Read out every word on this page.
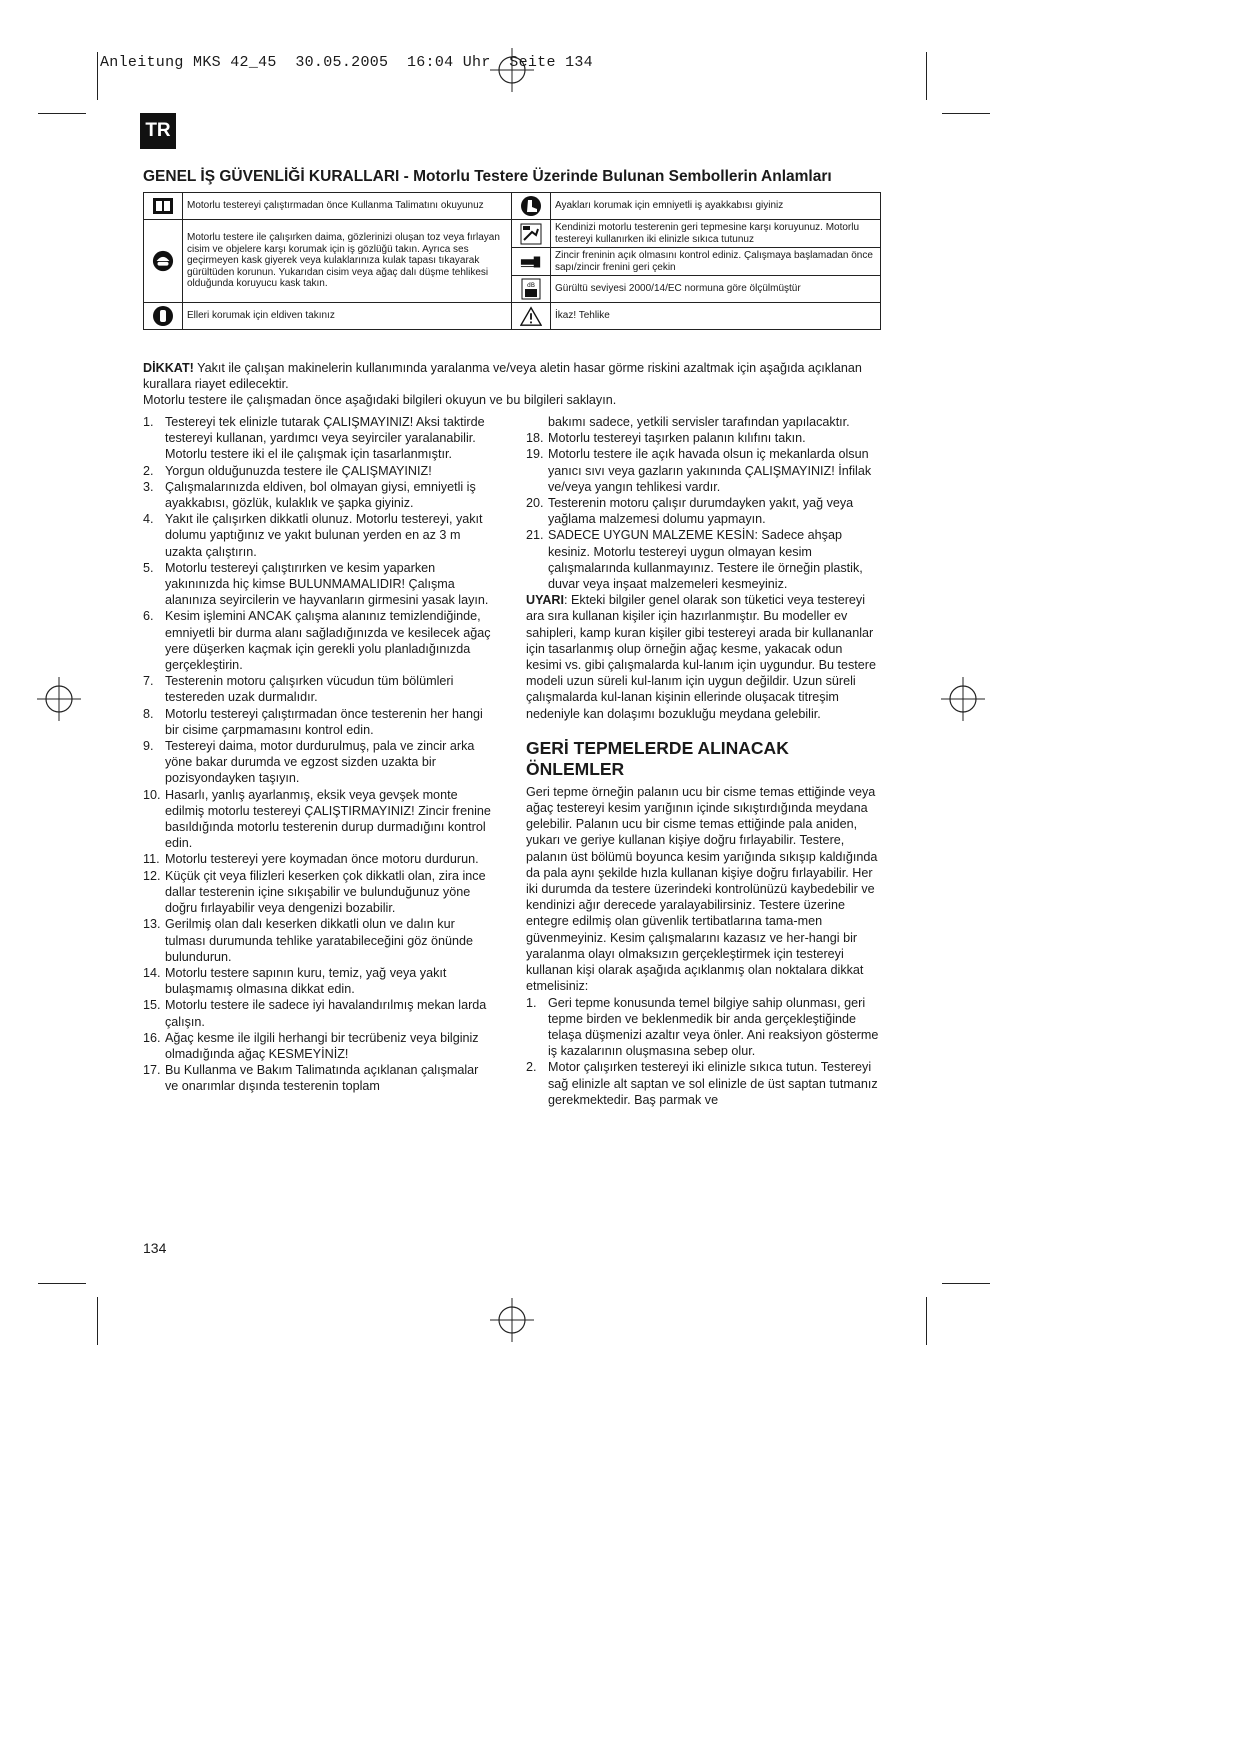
Anleitung MKS 42_45  30.05.2005  16:04 Uhr  Seite 134
TR
GENEL İŞ GÜVENLİĞİ KURALLARI - Motorlu Testere Üzerinde Bulunan Sembollerin Anlamları
	Motorlu testereyi çalıştırmadan önce Kullanma Talimatını okuyunuz		Ayakları korumak için emniyetli iş ayakkabısı giyiniz

	Motorlu testere ile çalışırken daima, gözlerinizi oluşan toz veya fırlayan cisim ve objelere karşı korumak için iş gözlüğü takın. Ayrıca ses geçirmeyen kask giyerek veya kulaklarınıza kulak tapası tıkayarak gürültüden korunun. Yukarıdan cisim veya ağaç dalı düşme tehlikesi olduğunda koruyucu kask takın.		Kendinizi motorlu testerenin geri tepmesine karşı koruyunuz. Motorlu testereyi kullanırken iki elinizle sıkıca tutunuz

	Zincir freninin açık olmasını kontrol ediniz. Çalışmaya başlamadan önce sapı/zincir frenini geri çekin

dB	Gürültü seviyesi 2000/14/EC normuna göre ölçülmüştür

	Elleri korumak için eldiven takınız		İkaz! Tehlike
DİKKAT! Yakıt ile çalışan makinelerin kullanımında yaralanma ve/veya aletin hasar görme riskini azaltmak için aşağıda açıklanan kurallara riayet edilecektir.
Motorlu testere ile çalışmadan önce aşağıdaki bilgileri okuyun ve bu bilgileri saklayın.
1. Testereyi tek elinizle tutarak ÇALIŞMAYINIZ! Aksi taktirde testereyi kullanan, yardımcı veya seyirciler yaralanabilir. Motorlu testere iki el ile çalışmak için tasarlanmıştır.
2. Yorgun olduğunuzda testere ile ÇALIŞMAYINIZ!
3. Çalışmalarınızda eldiven, bol olmayan giysi, emniyetli iş ayakkabısı, gözlük, kulaklık ve şapka giyiniz.
4. Yakıt ile çalışırken dikkatli olunuz. Motorlu testereyi, yakıt dolumu yaptığınız ve yakıt bulunan yerden en az 3 m uzakta çalıştırın.
5. Motorlu testereyi çalıştırırken ve kesim yaparken yakınınızda hiç kimse BULUNMAMALIDIR! Çalışma alanınıza seyircilerin ve hayvanların girmesini yasak layın.
6. Kesim işlemini ANCAK çalışma alanınız temizlendiğinde, emniyetli bir durma alanı sağladığınızda ve kesilecek ağaç yere düşerken kaçmak için gerekli yolu planladığınızda gerçekleştirin.
7. Testerenin motoru çalışırken vücudun tüm bölümleri testereden uzak durmalıdır.
8. Motorlu testereyi çalıştırmadan önce testerenin her hangi bir cisime çarpmamasını kontrol edin.
9. Testereyi daima, motor durdurulmuş, pala ve zincir arka yöne bakar durumda ve egzost sizden uzakta bir pozisyondayken taşıyın.
10. Hasarlı, yanlış ayarlanmış, eksik veya gevşek monte edilmiş motorlu testereyi ÇALIŞTIRMAYINIZ! Zincir frenine basıldığında motorlu testerenin durup durmadığını kontrol edin.
11. Motorlu testereyi yere koymadan önce motoru durdurun.
12. Küçük çit veya filizleri keserken çok dikkatli olan, zira ince dallar testerenin içine sıkışabilir ve bulunduğunuz yöne doğru fırlayabilir veya dengenizi bozabilir.
13. Gerilmiş olan dalı keserken dikkatli olun ve dalın kur tulması durumunda tehlike yaratabileceğini göz önünde bulundurun.
14. Motorlu testere sapının kuru, temiz, yağ veya yakıt bulaşmamış olmasına dikkat edin.
15. Motorlu testere ile sadece iyi havalandırılmış mekan larda çalışın.
16. Ağaç kesme ile ilgili herhangi bir tecrübeniz veya bilginiz olmadığında ağaç KESMEYİNİZ!
17. Bu Kullanma ve Bakım Talimatında açıklanan çalışmalar ve onarımlar dışında testerenin toplam
bakımı sadece, yetkili servisler tarafından yapılacaktır.
18. Motorlu testereyi taşırken palanın kılıfını takın.
19. Motorlu testere ile açık havada olsun iç mekanlarda olsun yanıcı sıvı veya gazların yakınında ÇALIŞMAYINIZ! İnfilak ve/veya yangın tehlikesi vardır.
20. Testerenin motoru çalışır durumdayken yakıt, yağ veya yağlama malzemesi dolumu yapmayın.
21. SADECE UYGUN MALZEME KESİN: Sadece ahşap kesiniz. Motorlu testereyi uygun olmayan kesim çalışmalarında kullanmayınız. Testere ile örneğin plastik, duvar veya inşaat malzemeleri kesmeyiniz.
UYARI: Ekteki bilgiler genel olarak son tüketici veya testereyi ara sıra kullanan kişiler için hazırlanmıştır. Bu modeller ev sahipleri, kamp kuran kişiler gibi testereyi arada bir kullananlar için tasarlanmış olup örneğin ağaç kesme, yakacak odun kesimi vs. gibi çalışmalarda kul-lanım için uygundur. Bu testere modeli uzun süreli kul-lanım için uygun değildir. Uzun süreli çalışmalarda kul-lanan kişinin ellerinde oluşacak titreşim nedeniyle kan dolaşımı bozukluğu meydana gelebilir.
GERİ TEPMELERDE ALINACAK ÖNLEMLER
Geri tepme örneğin palanın ucu bir cisme temas ettiğinde veya ağaç testereyi kesim yarığının içinde sıkıştırdığında meydana gelebilir. Palanın ucu bir cisme temas ettiğinde pala aniden, yukarı ve geriye kullanan kişiye doğru fırlayabilir. Testere, palanın üst bölümü boyunca kesim yarığında sıkışıp kaldığında da pala aynı şekilde hızla kullanan kişiye doğru fırlayabilir. Her iki durumda da testere üzerindeki kontrolünüzü kaybedebilir ve kendinizi ağır derecede yaralayabilirsiniz. Testere üzerine entegre edilmiş olan güvenlik tertibatlarına tama-men güvenmeyiniz. Kesim çalışmalarını kazasız ve her-hangi bir yaralanma olayı olmaksızın gerçekleştirmek için testereyi kullanan kişi olarak aşağıda açıklanmış olan noktalara dikkat etmelisiniz:
1. Geri tepme konusunda temel bilgiye sahip olunması, geri tepme birden ve beklenmedik bir anda gerçekleştiğinde telaşa düşmenizi azaltır veya önler. Ani reaksiyon gösterme iş kazalarının oluşmasına sebep olur.
2. Motor çalışırken testereyi iki elinizle sıkıca tutun. Testereyi sağ elinizle alt saptan ve sol elinizle de üst saptan tutmanız gerekmektedir. Baş parmak ve
134
